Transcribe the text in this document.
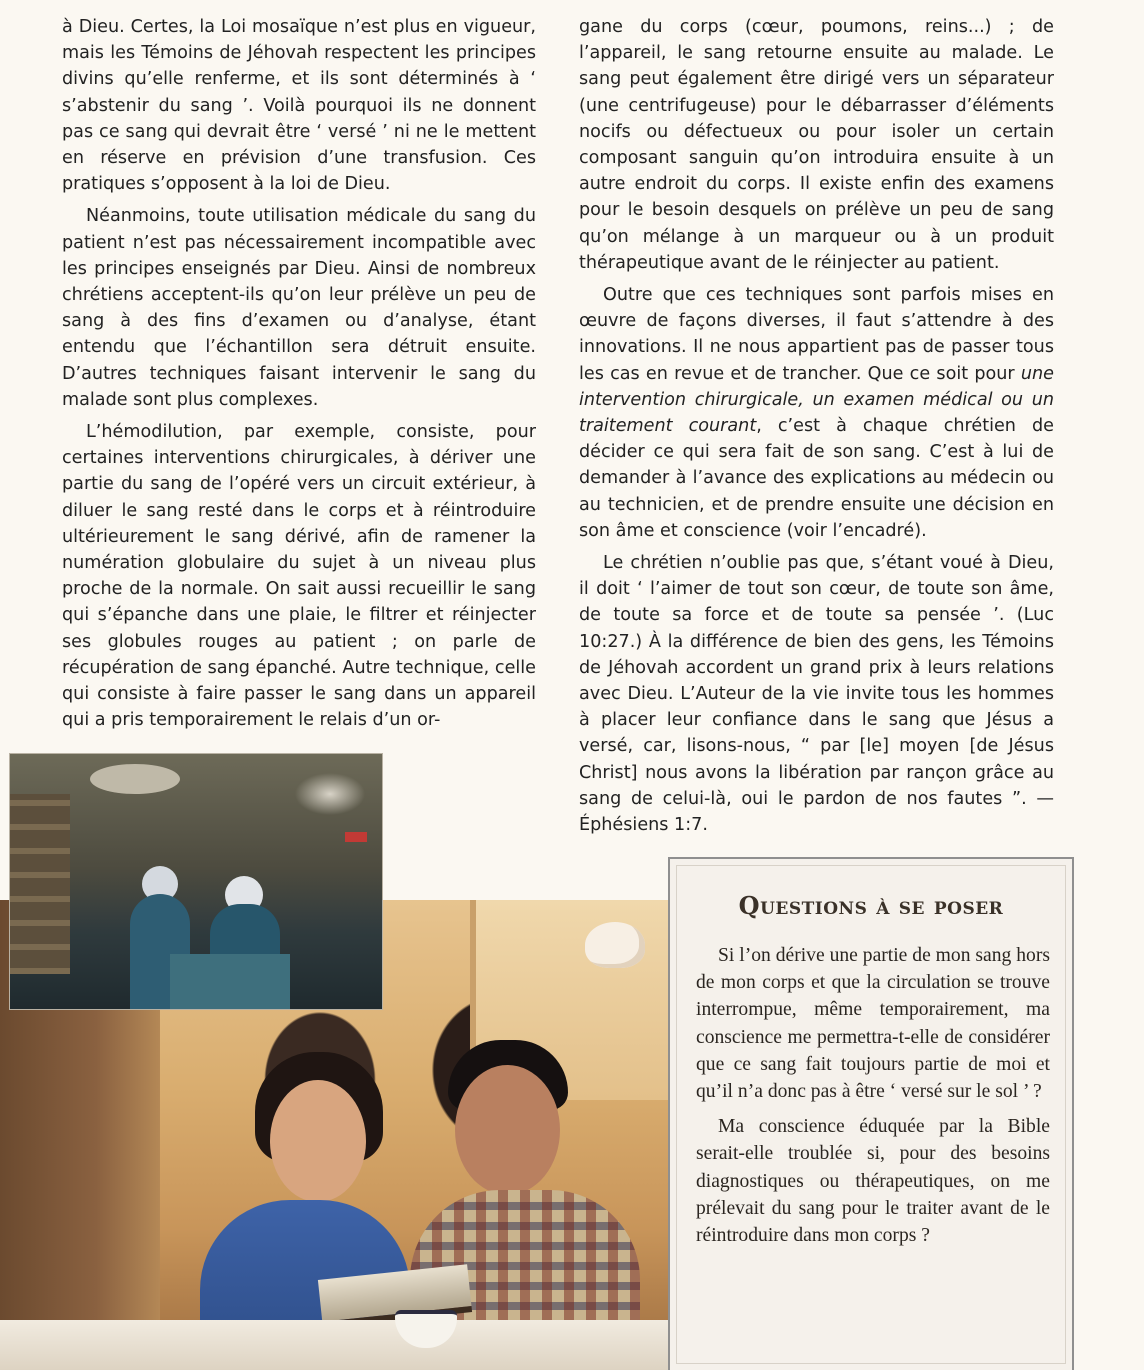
à Dieu. Certes, la Loi mosaïque n’est plus en vigueur, mais les Témoins de Jéhovah respectent les principes divins qu’elle renferme, et ils sont déterminés à ‘ s’abstenir du sang ’. Voilà pourquoi ils ne donnent pas ce sang qui devrait être ‘ versé ’ ni ne le mettent en réserve en prévision d’une transfusion. Ces pratiques s’opposent à la loi de Dieu.

Néanmoins, toute utilisation médicale du sang du patient n’est pas nécessairement incompatible avec les principes enseignés par Dieu. Ainsi de nombreux chrétiens acceptent-ils qu’on leur prélève un peu de sang à des fins d’examen ou d’analyse, étant entendu que l’échantillon sera détruit ensuite. D’autres techniques faisant intervenir le sang du malade sont plus complexes.

L’hémodilution, par exemple, consiste, pour certaines interventions chirurgicales, à dériver une partie du sang de l’opéré vers un circuit extérieur, à diluer le sang resté dans le corps et à réintroduire ultérieurement le sang dérivé, afin de ramener la numération globulaire du sujet à un niveau plus proche de la normale. On sait aussi recueillir le sang qui s’épanche dans une plaie, le filtrer et réinjecter ses globules rouges au patient ; on parle de récupération de sang épanché. Autre technique, celle qui consiste à faire passer le sang dans un appareil qui a pris temporairement le relais d’un or-

gane du corps (cœur, poumons, reins...) ; de l’appareil, le sang retourne ensuite au malade. Le sang peut également être dirigé vers un séparateur (une centrifugeuse) pour le débarrasser d’éléments nocifs ou défectueux ou pour isoler un certain composant sanguin qu’on introduira ensuite à un autre endroit du corps. Il existe enfin des examens pour le besoin desquels on prélève un peu de sang qu’on mélange à un marqueur ou à un produit thérapeutique avant de le réinjecter au patient.

Outre que ces techniques sont parfois mises en œuvre de façons diverses, il faut s’attendre à des innovations. Il ne nous appartient pas de passer tous les cas en revue et de trancher. Que ce soit pour une intervention chirurgicale, un examen médical ou un traitement courant, c’est à chaque chrétien de décider ce qui sera fait de son sang. C’est à lui de demander à l’avance des explications au médecin ou au technicien, et de prendre ensuite une décision en son âme et conscience (voir l’encadré).

Le chrétien n’oublie pas que, s’étant voué à Dieu, il doit ‘ l’aimer de tout son cœur, de toute son âme, de toute sa force et de toute sa pensée ’. (Luc 10:27.) À la différence de bien des gens, les Témoins de Jéhovah accordent un grand prix à leurs relations avec Dieu. L’Auteur de la vie invite tous les hommes à placer leur confiance dans le sang que Jésus a versé, car, lisons-nous, “ par [le] moyen [de Jésus Christ] nous avons la libération par rançon grâce au sang de celui-là, oui le pardon de nos fautes ”. — Éphésiens 1:7.

Questions à se poser

Si l’on dérive une partie de mon sang hors de mon corps et que la circulation se trouve interrompue, même temporairement, ma conscience me permettra-t-elle de considérer que ce sang fait toujours partie de moi et qu’il n’a donc pas à être ‘ versé sur le sol ’ ?

Ma conscience éduquée par la Bible serait-elle troublée si, pour des besoins diagnostiques ou thérapeutiques, on me prélevait du sang pour le traiter avant de le réintroduire dans mon corps ?
